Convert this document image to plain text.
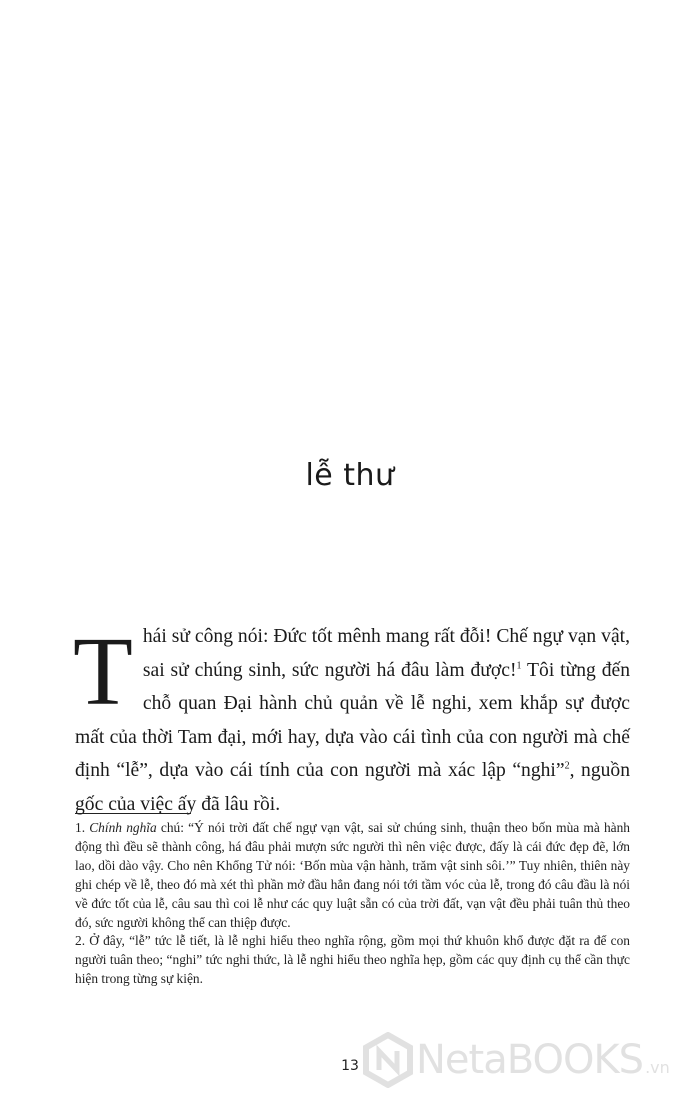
lễ thư

Thái sử công nói: Đức tốt mênh mang rất đỗi! Chế ngự vạn vật, sai sử chúng sinh, sức người há đâu làm được!$^1$ Tôi từng đến chỗ quan Đại hành chủ quản về lễ nghi, xem khắp sự được mất của thời Tam đại, mới hay, dựa vào cái tình của con người mà chế định “lễ”, dựa vào cái tính của con người mà xác lập “nghi”$^2$, nguồn gốc của việc ấy đã lâu rồi.

1. Chính nghĩa chú: “Ý nói trời đất chế ngự vạn vật, sai sử chúng sinh, thuận theo bốn mùa mà hành động thì đều sẽ thành công, há đâu phải mượn sức người thì nên việc được, đấy là cái đức đẹp đẽ, lớn lao, dồi dào vậy. Cho nên Khổng Tử nói: ‘Bốn mùa vận hành, trăm vật sinh sôi.’” Tuy nhiên, thiên này ghi chép về lễ, theo đó mà xét thì phần mở đầu hẳn đang nói tới tầm vóc của lễ, trong đó câu đầu là nói về đức tốt của lễ, câu sau thì coi lễ như các quy luật sẵn có của trời đất, vạn vật đều phải tuân thủ theo đó, sức người không thể can thiệp được.

2. Ở đây, “lễ” tức lễ tiết, là lễ nghi hiểu theo nghĩa rộng, gồm mọi thứ khuôn khổ được đặt ra để con người tuân theo; “nghi” tức nghi thức, là lễ nghi hiểu theo nghĩa hẹp, gồm các quy định cụ thể cần thực hiện trong từng sự kiện.

13	NetaBOOKS .vn
